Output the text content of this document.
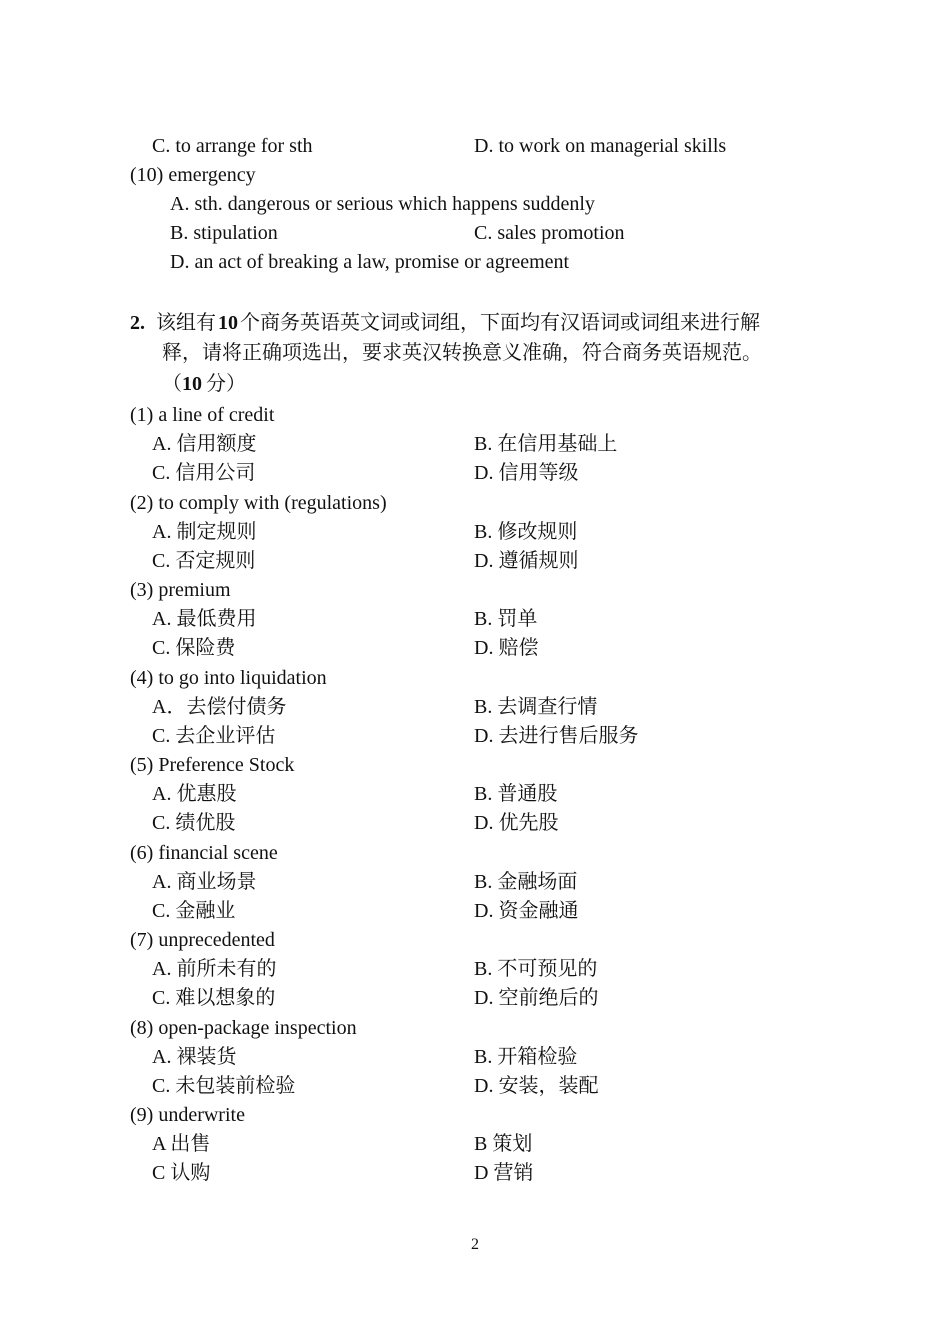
C. to arrange for sth	D. to work on managerial skills
(10) emergency
A. sth. dangerous or serious which happens suddenly
B. stipulation	C. sales promotion
D. an act of breaking a law, promise or agreement
2. 该组有 10 个商务英语英文词或词组，下面均有汉语词或词组来进行解
释，请将正确项选出，要求英汉转换意义准确，符合商务英语规范。
（10 分）
(1) a line of credit
A. 信用额度	B. 在信用基础上
C. 信用公司	D. 信用等级
(2) to comply with (regulations)
A. 制定规则	B. 修改规则
C. 否定规则	D. 遵循规则
(3) premium
A. 最低费用	B. 罚单
C. 保险费	D. 赔偿
(4) to go into liquidation
A．去偿付债务	B. 去调查行情
C. 去企业评估	D. 去进行售后服务
(5) Preference Stock
A. 优惠股	B. 普通股
C. 绩优股	D. 优先股
(6) financial scene
A. 商业场景	B. 金融场面
C. 金融业	D. 资金融通
(7) unprecedented
A. 前所未有的	B. 不可预见的
C. 难以想象的	D. 空前绝后的
(8) open-package inspection
A. 裸装货	B. 开箱检验
C. 未包装前检验	D. 安装，装配
(9) underwrite
A 出售	B 策划
C 认购	D 营销
2
